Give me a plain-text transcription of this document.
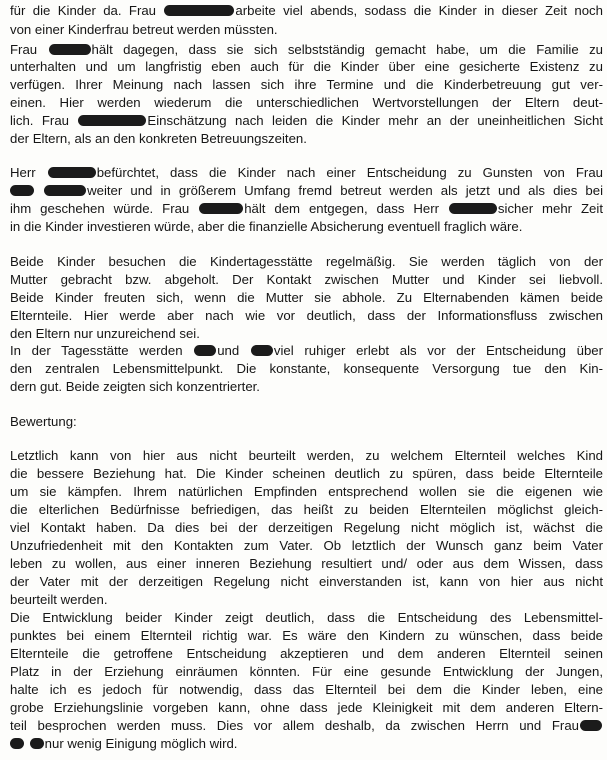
für die Kinder da. Frau	arbeite viel abends, sodass die Kinder in dieser Zeit noch
von einer Kinderfrau betreut werden müssten.
Frau	hält dagegen, dass sie sich selbstständig gemacht habe, um die Familie zu
unterhalten und um langfristig eben auch für die Kinder über eine gesicherte Existenz zu
verfügen. Ihrer Meinung nach lassen sich ihre Termine und die Kinderbetreuung gut ver-
einen. Hier werden wiederum die unterschiedlichen Wertvorstellungen der Eltern deut-
lich. Frau	Einschätzung nach leiden die Kinder mehr an der uneinheitlichen Sicht
der Eltern, als an den konkreten Betreuungszeiten.
Herr	befürchtet, dass die Kinder nach einer Entscheidung zu Gunsten von Frau
weiter und in größerem Umfang fremd betreut werden als jetzt und als dies bei
ihm geschehen würde. Frau	hält dem entgegen, dass Herr	sicher mehr Zeit
in die Kinder investieren würde, aber die finanzielle Absicherung eventuell fraglich wäre.
Beide Kinder besuchen die Kindertagesstätte regelmäßig. Sie werden täglich von der
Mutter gebracht bzw. abgeholt. Der Kontakt zwischen Mutter und Kinder sei liebvoll.
Beide Kinder freuten sich, wenn die Mutter sie abhole. Zu Elternabenden kämen beide
Elternteile. Hier werde aber nach wie vor deutlich, dass der Informationsfluss zwischen
den Eltern nur unzureichend sei.
In der Tagesstätte werden und viel ruhiger erlebt als vor der Entscheidung über
den zentralen Lebensmittelpunkt. Die konstante, konsequente Versorgung tue den Kin-
dern gut. Beide zeigten sich konzentrierter.
Bewertung:
Letztlich kann von hier aus nicht beurteilt werden, zu welchem Elternteil welches Kind
die bessere Beziehung hat. Die Kinder scheinen deutlich zu spüren, dass beide Elternteile
um sie kämpfen. Ihrem natürlichen Empfinden entsprechend wollen sie die eigenen wie
die elterlichen Bedürfnisse befriedigen, das heißt zu beiden Elternteilen möglichst gleich-
viel Kontakt haben. Da dies bei der derzeitigen Regelung nicht möglich ist, wächst die
Unzufriedenheit mit den Kontakten zum Vater. Ob letztlich der Wunsch ganz beim Vater
leben zu wollen, aus einer inneren Beziehung resultiert und/ oder aus dem Wissen, dass
der Vater mit der derzeitigen Regelung nicht einverstanden ist, kann von hier aus nicht
beurteilt werden.
Die Entwicklung beider Kinder zeigt deutlich, dass die Entscheidung des Lebensmittel-
punktes bei einem Elternteil richtig war. Es wäre den Kindern zu wünschen, dass beide
Elternteile die getroffene Entscheidung akzeptieren und dem anderen Elternteil seinen
Platz in der Erziehung einräumen könnten. Für eine gesunde Entwicklung der Jungen,
halte ich es jedoch für notwendig, dass das Elternteil bei dem die Kinder leben, eine
grobe Erziehungslinie vorgeben kann, ohne dass jede Kleinigkeit mit dem anderen Eltern-
teil besprochen werden muss. Dies vor allem deshalb, da zwischen Herrn und Frau
nur wenig Einigung möglich wird.
